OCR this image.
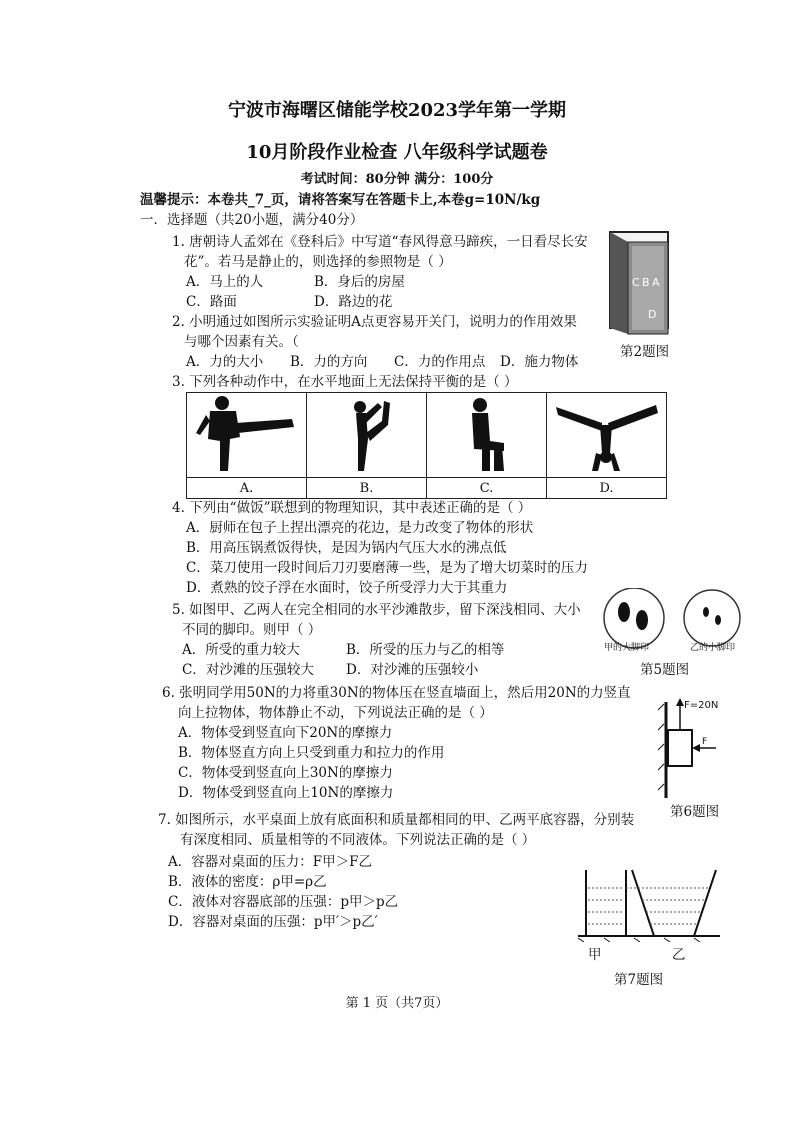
宁波市海曙区储能学校2023学年第一学期
10月阶段作业检查 八年级科学试题卷
考试时间：80分钟 满分：100分
温馨提示：本卷共_7_页，请将答案写在答题卡上,本卷g=10N/kg
一．选择题（共20小题，满分40分）
1. 唐朝诗人孟郊在《登科后》中写道“春风得意马蹄疾，一日看尽长安
花”。若马是静止的，则选择的参照物是（ ）
A．马上的人	B．身后的房屋
C．路面	D．路边的花
C B A
D
2. 小明通过如图所示实验证明A点更容易开关门，说明力的作用效果
与哪个因素有关。（
A．力的大小 B．力的方向 C．力的作用点 D．施力物体
第2题图
3. 下列各种动作中，在水平地面上无法保持平衡的是（ ）

A.	B.	C.	D.
4. 下列由“做饭”联想到的物理知识，其中表述正确的是（ ）
A．厨师在包子上捏出漂亮的花边，是力改变了物体的形状
B．用高压锅煮饭得快，是因为锅内气压大水的沸点低
C．菜刀使用一段时间后刀刃要磨薄一些，是为了增大切菜时的压力
D．煮熟的饺子浮在水面时，饺子所受浮力大于其重力
甲的大脚印	乙的小脚印
5. 如图甲、乙两人在完全相同的水平沙滩散步，留下深浅相同、大小
不同的脚印。则甲（ ）
A．所受的重力较大	B．所受的压力与乙的相等
C．对沙滩的压强较大 D．对沙滩的压强较小	第5题图
6. 张明同学用50N的力将重30N的物体压在竖直墙面上，然后用20N的力竖直
向上拉物体，物体静止不动，下列说法正确的是（ ）
A．物体受到竖直向下20N的摩擦力
B．物体竖直方向上只受到重力和拉力的作用
C．物体受到竖直向上30N的摩擦力
D．物体受到竖直向上10N的摩擦力
F=20N
F
第6题图
7. 如图所示，水平桌面上放有底面积和质量都相同的甲、乙两平底容器，分别装
有深度相同、质量相等的不同液体。下列说法正确的是（ ）
A．容器对桌面的压力：F甲＞F乙
B．液体的密度：ρ甲=ρ乙
C．液体对容器底部的压强：p甲＞p乙
D．容器对桌面的压强：p甲′＞p乙′
甲	乙
第7题图
第 1 页（共7页）
